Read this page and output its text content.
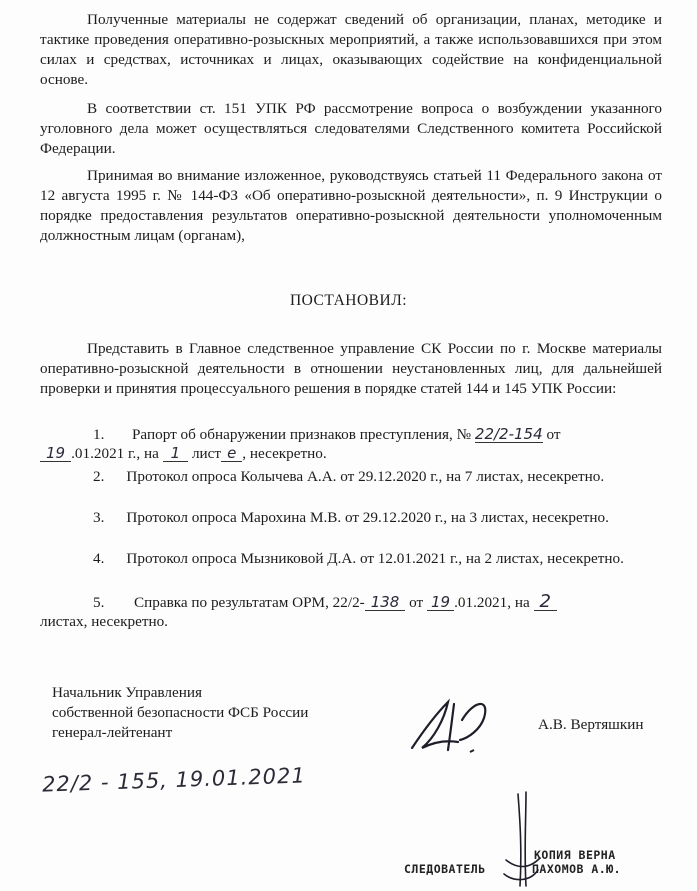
Полученные материалы не содержат сведений об организации, планах, методике и тактике проведения оперативно-розыскных мероприятий, а также использовавшихся при этом силах и средствах, источниках и лицах, оказывающих содействие на конфиденциальной основе.

В соответствии ст. 151 УПК РФ рассмотрение вопроса о возбуждении указанного уголовного дела может осуществляться следователями Следственного комитета Российской Федерации.

Принимая во внимание изложенное, руководствуясь статьей 11 Федерального закона от 12 августа 1995 г. № 144-ФЗ «Об оперативно-розыскной деятельности», п. 9 Инструкции о порядке предоставления результатов оперативно-розыскной деятельности уполномоченным должностным лицам (органам),

ПОСТАНОВИЛ:

Представить в Главное следственное управление СК России по г. Москве материалы оперативно-розыскной деятельности в отношении неустановленных лиц, для дальнейшей проверки и принятия процессуального решения в порядке статей 144 и 145 УПК России:

1. Рапорт об обнаружении признаков преступления, № 22/2-154 от
19 .01.2021 г., на 1 лист е , несекретно.
2. Протокол опроса Колычева А.А. от 29.12.2020 г., на 7 листах, несекретно.
3. Протокол опроса Марохина М.В. от 29.12.2020 г., на 3 листах, несекретно.
4. Протокол опроса Мызниковой Д.А. от 12.01.2021 г., на 2 листах, несекретно.
5. Справка по результатам ОРМ, 22/2- 138 от 19 .01.2021, на 2
листах, несекретно.
Начальник Управления
собственной безопасности ФСБ России
генерал-лейтенант	А.В. Вертяшкин
22/2 - 155, 19.01.2021
КОПИЯ ВЕРНА
СЛЕДОВАТЕЛЬ	ПАХОМОВ А.Ю.
